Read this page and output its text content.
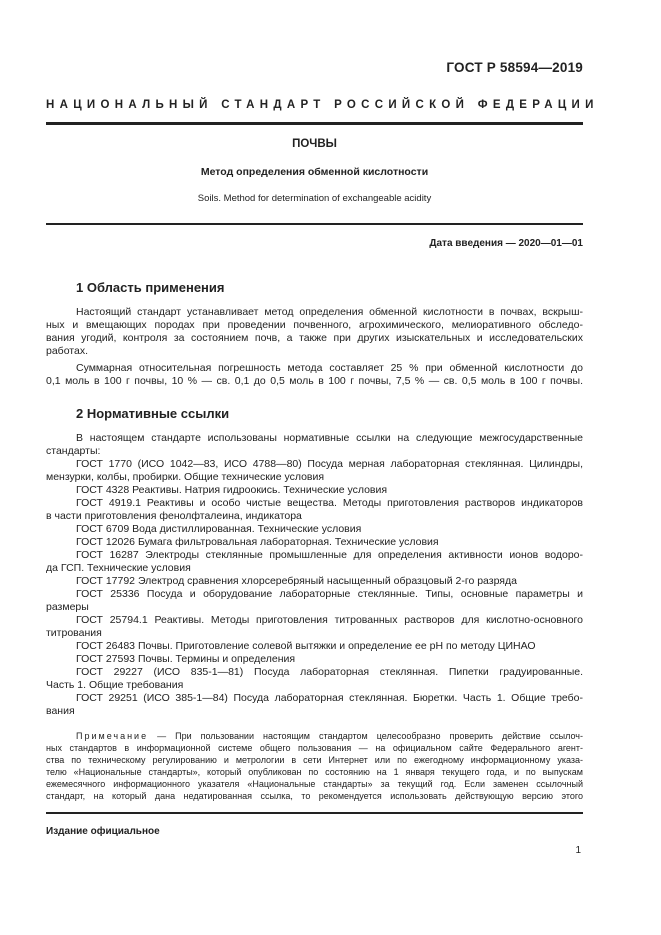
ГОСТ Р 58594—2019
НАЦИОНАЛЬНЫЙ СТАНДАРТ РОССИЙСКОЙ ФЕДЕРАЦИИ
ПОЧВЫ
Метод определения обменной кислотности
Soils. Method for determination of exchangeable acidity
Дата введения — 2020—01—01
1 Область применения
Настоящий стандарт устанавливает метод определения обменной кислотности в почвах, вскрыш-
ных и вмещающих породах при проведении почвенного, агрохимического, мелиоративного обследо-
вания угодий, контроля за состоянием почв, а также при других изыскательных и исследовательских
работах.
Суммарная относительная погрешность метода составляет 25 % при обменной кислотности до
0,1 моль в 100 г почвы, 10 % — св. 0,1 до 0,5 моль в 100 г почвы, 7,5 % — св. 0,5 моль в 100 г почвы.
2 Нормативные ссылки
В настоящем стандарте использованы нормативные ссылки на следующие межгосударственные
стандарты:
ГОСТ 1770 (ИСО 1042—83, ИСО 4788—80) Посуда мерная лабораторная стеклянная. Цилиндры,
мензурки, колбы, пробирки. Общие технические условия
ГОСТ 4328 Реактивы. Натрия гидроокись. Технические условия
ГОСТ 4919.1 Реактивы и особо чистые вещества. Методы приготовления растворов индикаторов
в части приготовления фенолфталеина, индикатора
ГОСТ 6709 Вода дистиллированная. Технические условия
ГОСТ 12026 Бумага фильтровальная лабораторная. Технические условия
ГОСТ 16287 Электроды стеклянные промышленные для определения активности ионов водоро-
да ГСП. Технические условия
ГОСТ 17792 Электрод сравнения хлорсеребряный насыщенный образцовый 2-го разряда
ГОСТ 25336 Посуда и оборудование лабораторные стеклянные. Типы, основные параметры и
размеры
ГОСТ 25794.1 Реактивы. Методы приготовления титрованных растворов для кислотно-основного
титрования
ГОСТ 26483 Почвы. Приготовление солевой вытяжки и определение ее pH по методу ЦИНАО
ГОСТ 27593 Почвы. Термины и определения
ГОСТ 29227 (ИСО 835-1—81) Посуда лабораторная стеклянная. Пипетки градуированные.
Часть 1. Общие требования
ГОСТ 29251 (ИСО 385-1—84) Посуда лабораторная стеклянная. Бюретки. Часть 1. Общие требо-
вания
Примечание — При пользовании настоящим стандартом целесообразно проверить действие ссылоч-
ных стандартов в информационной системе общего пользования — на официальном сайте Федерального агент-
ства по техническому регулированию и метрологии в сети Интернет или по ежегодному информационному указа-
телю «Национальные стандарты», который опубликован по состоянию на 1 января текущего года, и по выпускам
ежемесячного информационного указателя «Национальные стандарты» за текущий год. Если заменен ссылочный
стандарт, на который дана недатированная ссылка, то рекомендуется использовать действующую версию этого
Издание официальное
1
